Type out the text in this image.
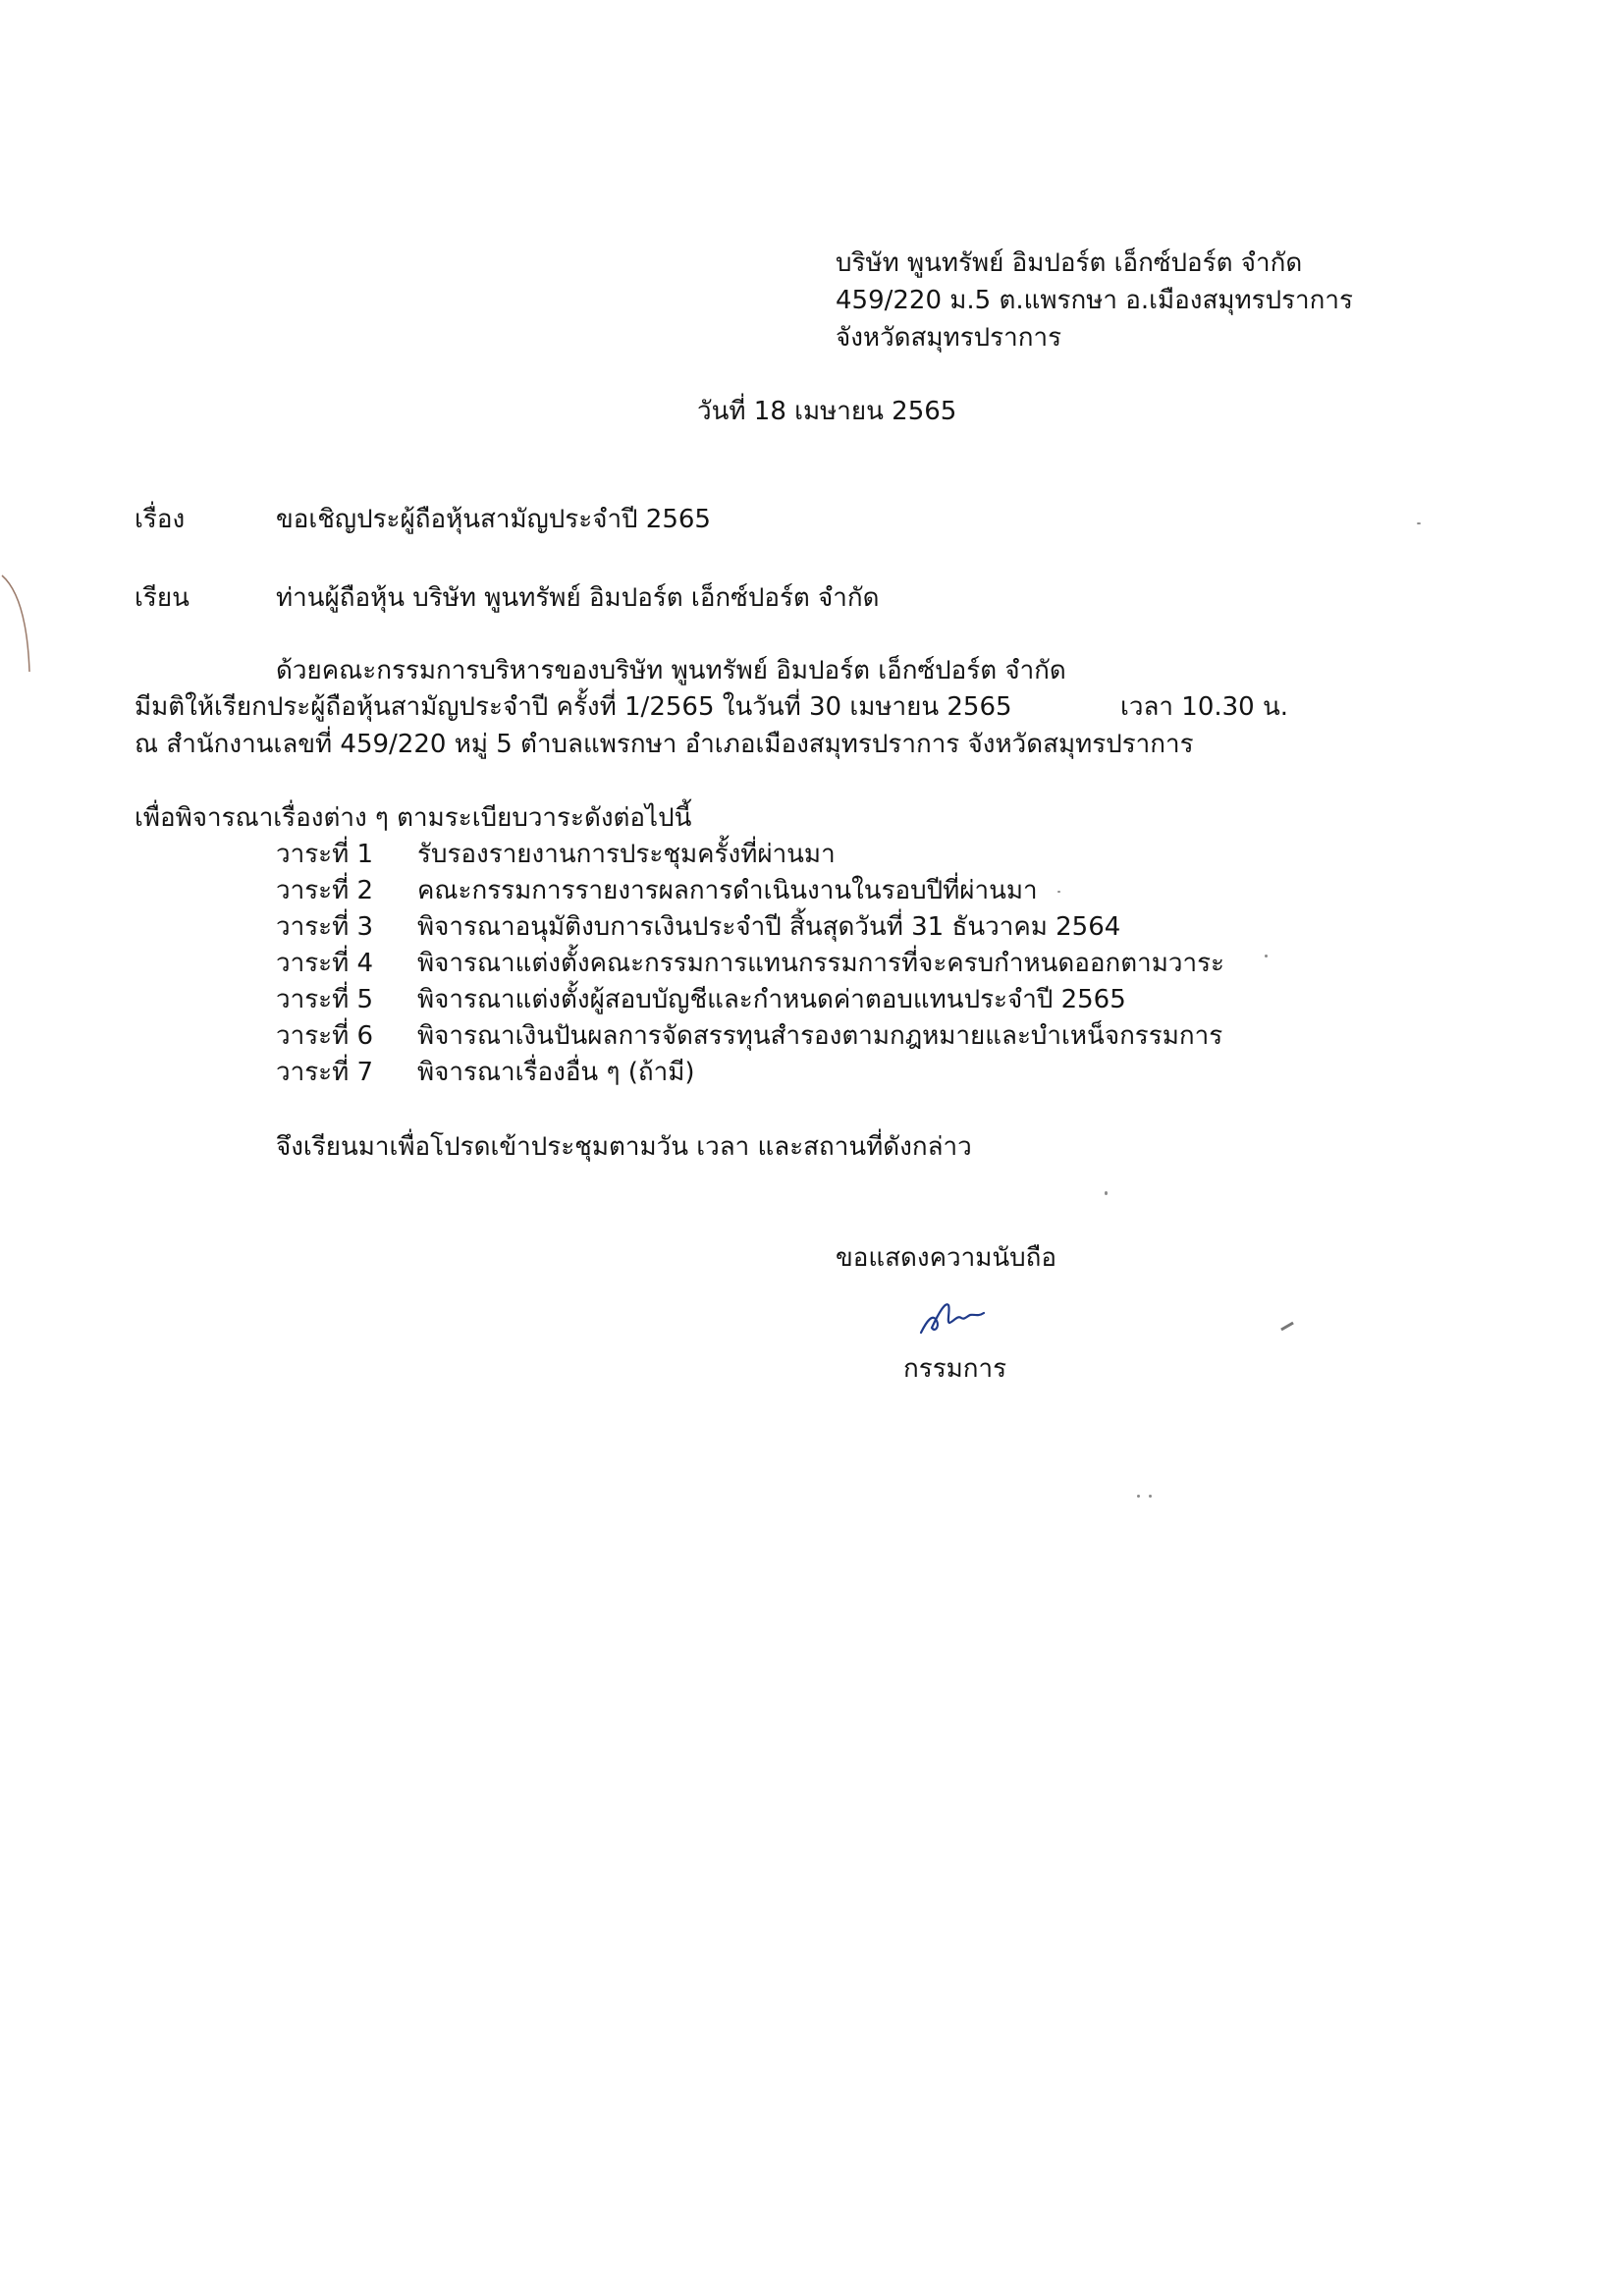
บริษัท พูนทรัพย์ อิมปอร์ต เอ็กซ์ปอร์ต จำกัด
459/220 ม.5 ต.แพรกษา อ.เมืองสมุทรปราการ
จังหวัดสมุทรปราการ
วันที่ 18 เมษายน 2565
เรื่อง	ขอเชิญประผู้ถือหุ้นสามัญประจำปี 2565
เรียน	ท่านผู้ถือหุ้น บริษัท พูนทรัพย์ อิมปอร์ต เอ็กซ์ปอร์ต จำกัด
ด้วยคณะกรรมการบริหารของบริษัท พูนทรัพย์ อิมปอร์ต เอ็กซ์ปอร์ต จำกัด
มีมติให้เรียกประผู้ถือหุ้นสามัญประจำปี ครั้งที่ 1/2565 ในวันที่ 30 เมษายน 2565	เวลา 10.30 น.
ณ สำนักงานเลขที่ 459/220 หมู่ 5 ตำบลแพรกษา อำเภอเมืองสมุทรปราการ จังหวัดสมุทรปราการ
เพื่อพิจารณาเรื่องต่าง ๆ ตามระเบียบวาระดังต่อไปนี้
วาระที่ 1 รับรองรายงานการประชุมครั้งที่ผ่านมา
วาระที่ 2 คณะกรรมการรายงารผลการดำเนินงานในรอบปีที่ผ่านมา
วาระที่ 3 พิจารณาอนุมัติงบการเงินประจำปี สิ้นสุดวันที่ 31 ธันวาคม 2564
วาระที่ 4 พิจารณาแต่งตั้งคณะกรรมการแทนกรรมการที่จะครบกำหนดออกตามวาระ
วาระที่ 5 พิจารณาแต่งตั้งผู้สอบบัญชีและกำหนดค่าตอบแทนประจำปี 2565
วาระที่ 6 พิจารณาเงินปันผลการจัดสรรทุนสำรองตามกฎหมายและบำเหน็จกรรมการ
วาระที่ 7 พิจารณาเรื่องอื่น ๆ (ถ้ามี)
จึงเรียนมาเพื่อโปรดเข้าประชุมตามวัน เวลา และสถานที่ดังกล่าว
ขอแสดงความนับถือ
กรรมการ
